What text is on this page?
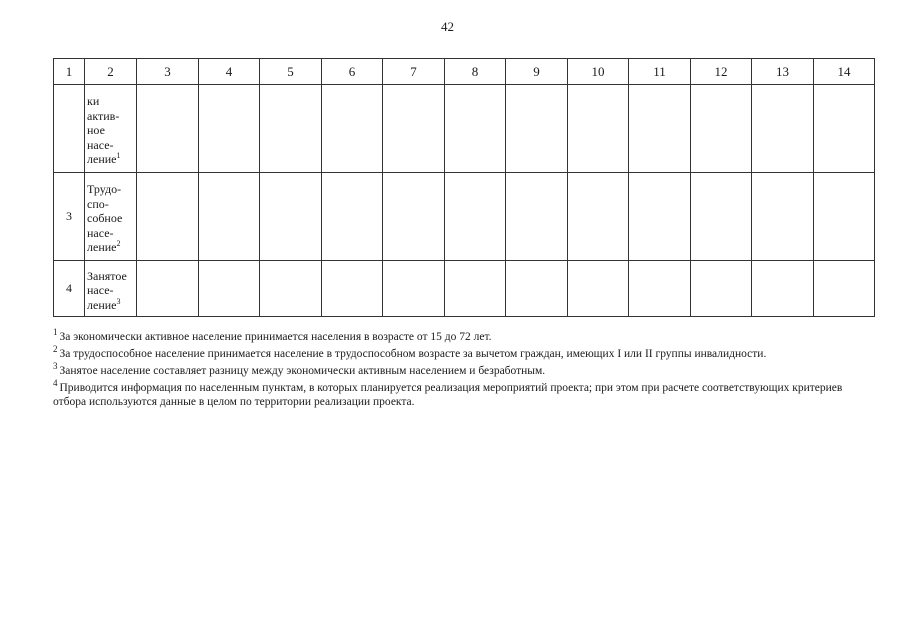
42
1	2	3	4	5	6	7	8	9	10	11	12	13	14

	ки
актив-
ное
насе-
ление$^1$

3	Трудо-
спо-
собное
насе-
ление$^2$

4	Занятое
насе-
ление$^3$

$^1$ За экономически активное население принимается населения в возрасте от 15 до 72 лет.
$^2$ За трудоспособное население принимается население в трудоспособном возрасте за вычетом граждан, имеющих I или II группы инвалидности.
$^3$ Занятое население составляет разницу между экономически активным населением и безработным.
$^4$ Приводится информация по населенным пунктам, в которых планируется реализация мероприятий проекта; при этом при расчете соответствующих критериев отбора используются данные в целом по территории реализации проекта.
